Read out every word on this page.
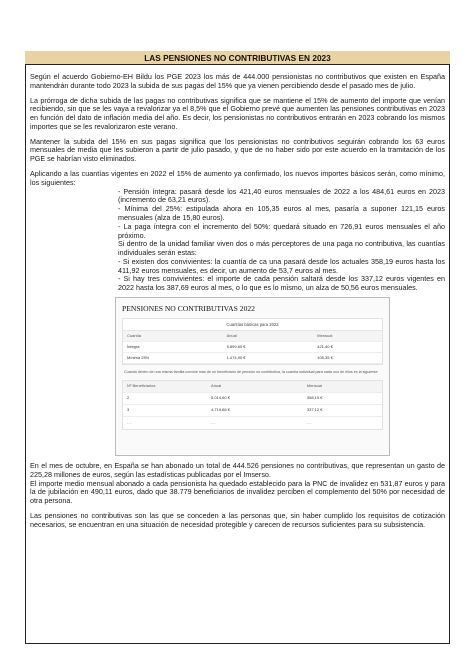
LAS PENSIONES NO CONTRIBUTIVAS EN 2023

Según el acuerdo Gobierno-EH Bildu los PGE 2023 los más de 444.000 pensionistas no contributivos que existen en España mantendrán durante todo 2023 la subida de sus pagas del 15% que ya vienen percibiendo desde el pasado mes de julio.

La prórroga de dicha subida de las pagas no contributivas significa que se mantiene el 15% de aumento del importe que venían recibiendo, sin que se les vaya a revalorizar ya el 8,5% que el Gobierno prevé que aumenten las pensiones contributivas en 2023 en función del dato de inflación media del año. Es decir, los pensionistas no contributivos entrarán en 2023 cobrando los mismos importes que se les revalorizaron este verano.

Mantener la subida del 15% en sus pagas significa que los pensionistas no contributivos seguirán cobrando los 63 euros mensuales de media que les subieron a partir de julio pasado, y que de no haber sido por este acuerdo en la tramitación de los PGE se habrían visto eliminados.

Aplicando a las cuantías vigentes en 2022 el 15% de aumento ya confirmado, los nuevos importes básicos serán, como mínimo, los siguientes:

- Pensión íntegra: pasará desde los 421,40 euros mensuales de 2022 a los 484,61 euros en 2023 (incremento de 63,21 euros).

- Mínima del 25%: estipulada ahora en 105,35 euros al mes, pasaría a suponer 121,15 euros mensuales (alza de 15,80 euros).

- La paga íntegra con el incremento del 50%: quedará situado en 726,91 euros mensuales el año próximo.

Si dentro de la unidad familiar viven dos o más perceptores de una paga no contributiva, las cuantías individuales serán estas:

- Si existen dos convivientes: la cuantía de ca una pasará desde los actuales 358,19 euros hasta los 411,92 euros mensuales, es decir, un aumento de 53,7 euros al mes.

- Si hay tres convivientes: el importe de cada pensión saltará desde los 337,12 euros vigentes en 2022 hasta los 387,69 euros al mes, o lo que es lo mismo, un alza de 50,56 euros mensuales.

PENSIONES NO CONTRIBUTIVAS 2022
Cuantías básicas para 2022
Cuantía	Anual	Mensual
Íntegra	5.899,60 €	421,40 €
Mínima 25%	1.474,90 €	105,35 €
Cuando dentro de una misma familia convive más de un beneficiario de pensión no contributiva, la cuantía individual para cada uno de ellos es la siguiente:
Nº Beneficiarios	Anual	Mensual
2	5.014,60 €	358,19 €
3	4.719,68 €	337,12 €
…	…	…

En el mes de octubre, en España se han abonado un total de 444.526 pensiones no contributivas, que representan un gasto de 225,28 millones de euros, según las estadísticas publicadas por el Imserso.

El importe medio mensual abonado a cada pensionista ha quedado establecido para la PNC de invalidez en 531,87 euros y para la de jubilación en 490,11 euros, dado que 38.779 beneficiarios de invalidez perciben el complemento del 50% por necesidad de otra persona.

Las pensiones no contributivas son las que se conceden a las personas que, sin haber cumplido los requisitos de cotización necesarios, se encuentran en una situación de necesidad protegible y carecen de recursos suficientes para su subsistencia.
